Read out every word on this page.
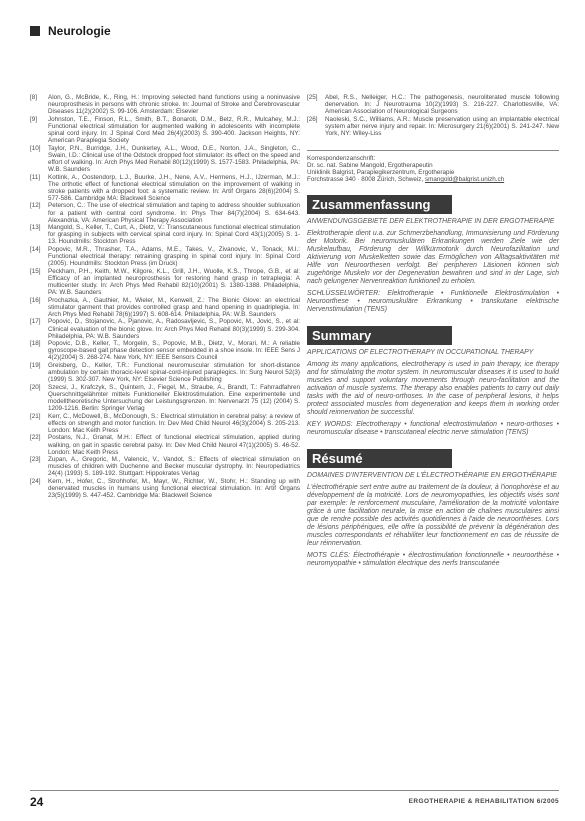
Neurologie
[8]	Alon, G., McBride, K., Ring, H.: Improving selected hand functions using a noninvasive neuroprosthesis in persons with chronic stroke. In: Journal of Stroke and Cerebrovascular Diseases 11(2)(2002) S. 99-106. Amsterdam: Elsevier
[9]	Johnston, T.E., Finson, R.L., Smith, B.T., Bonaroti, D.M., Betz, R.R., Mulcahey, M.J.: Functional electrical stimulation for augmented walking in adolescents with incomplete spinal cord injury. In: J Spinal Cord Med 26(4)(2003) S. 390-400. Jackson Heights, NY: American Paraplegia Society
[10]	Taylor, P.N., Burridge, J.H., Dunkerley, A.L., Wood, D.E., Norton, J.A., Singleton, C., Swain, I.D.: Clinical use of the Odstock dropped foot stimulator: its effect on the speed and effort of walking. In: Arch Phys Med Rehabil 80(12)(1999) S. 1577-1583. Philadelphia, PA: W.B. Saunders
[11]	Kottink, A., Oostendorp, L.J., Buurke, J.H., Nene, A.V., Hermens, H.J., IJzerman, M.J.: The orthotic effect of functional electrical stimulation on the improvement of walking in stroke patients with a dropped foot: a systematic review. In: Artif Organs 28(6)(2004) S. 577-586. Cambridge MA: Blackwell Science
[12]	Peterson, C.: The use of electrical stimulation and taping to address shoulder subluxation for a patient with central cord syndrome. In: Phys Ther 84(7)(2004) S. 634-643. Alexandria, VA: American Physical Therapy Association
[13]	Mangold, S., Keller, T., Curt, A., Dietz, V.: Transcutaneous functional electrical stimulation for grasping in subjects with cervical spinal cord injury. In: Spinal Cord 43(1)(2005) S. 1-13. Houndmills: Stockton Press
[14]	Popovic, M.R., Thrasher, T.A., Adams, M.E., Takes, V., Zivanovic, V., Tonack, M.I.: Functional electrical therapy: retraining grasping in spinal cord injury. In: Spinal Cord (2005). Houndmills: Stockton Press (im Druck)
[15]	Peckham, P.H., Keith, M.W., Kilgore, K.L., Grill, J.H., Wuolle, K.S., Thrope, G.B., et al: Efficacy of an implanted neuroprosthesis for restoring hand grasp in tetraplegia: A multicenter study. In: Arch Phys Med Rehabil 82(10)(2001) S. 1380-1388. Philadelphia, PA: W.B. Saunders
[16]	Prochazka, A., Gauthier, M., Wieler, M., Kenwell, Z.: The Bionic Glove: an electrical stimulator garment that provides controlled grasp and hand opening in quadriplegia. In: Arch Phys Med Rehabil 78(6)(1997) S. 608-614. Philadelphia, PA: W.B. Saunders
[17]	Popovic, D., Stojanovic, A., Pjanovic, A., Radosavljevic, S., Popovic, M., Jovic, S., et al: Clinical evaluation of the bionic glove. In: Arch Phys Med Rehabil 80(3)(1999) S. 299-304. Philadelphia, PA: W.B. Saunders
[18]	Popovic, D.B., Keller, T., Morgelin, S., Popovic, M.B., Dietz, V., Morari, M.: A reliable gyroscope-based gait phase detection sensor embedded in a shoe insole. In: IEEE Sens J 4(2)(2004) S. 268-274. New York, NY: IEEE Sensors Council
[19]	Greisberg, D., Keller, T.R.: Functional neuromuscular stimulation for short-distance ambulation by certain thoracic-level spinal-cord-injured paraplegics. In: Surg Neurol 52(3)(1999) S. 302-307. New York, NY: Elsevier Science Publishing
[20]	Szecsi, J., Krafczyk, S., Quintern, J., Fiegel, M., Straube, A., Brandt, T.: Fahrradfahren Querschnittgelähmter mittels Funktioneller Elektrostimulation. Eine experimentelle und modelltheoretische Untersuchung der Leistungsgrenzen. In: Nervenarzt 75 (12) (2004) S. 1209-1216. Berlin: Springer Verlag
[21]	Kerr, C., McDowell, B., McDonough, S.: Electrical stimulation in cerebral palsy: a review of effects on strength and motor function. In: Dev Med Child Neurol 46(3)(2004) S. 205-213. London: Mac Keith Press
[22]	Postans, N.J., Granat, M.H.: Effect of functional electrical stimulation, applied during walking, on gait in spastic cerebral palsy. In: Dev Med Child Neurol 47(1)(2005) S. 46-52. London: Mac Keith Press
[23]	Zupan, A., Gregoric, M., Valencic, V., Vandot, S.: Effects of electrical stimulation on muscles of children with Duchenne and Becker muscular dystrophy. In: Neuropediatrics 24(4) (1993) S. 189-192. Stuttgart: Hippokrates Verlag
[24]	Kern, H., Hofer, C., Strohhofer, M., Mayr, W., Richter, W., Stohr, H.: Standing up with denervated muscles in humans using functional electrical stimulation. In: Artif Organs 23(5)(1999) S. 447-452. Cambridge Ma: Blackwell Science
[25]	Abel, R.S., Nelleiger, H.C.: The pathogenesis, neuroliterated muscle following denervation. In: J Neurotrauma 10(2)(1993) S. 216-227. Charlottesville, VA: American Association of Neurological Surgeons
[26]	Naoleski, S.C., Williams, A.R.: Muscle preservation using an implantable electrical system after nerve injury and repair. In: Microsurgery 21(6)(2001) S. 241-247. New York, NY: Wiley-Liss
Korrespondenzanschrift:
Dr. sc. nat. Sabine Mangold, Ergotherapeutin
Uniklinik Balgrist, Paraplegikerzentrum, Ergotherapie
Forchstrasse 340 · 8008 Zürich, Schweiz, smangold@balgrist.unizh.ch
Zusammenfassung

ANWENDUNGSGEBIETE DER ELEKTROTHERAPIE IN DER ERGOTHERAPIE

Elektrotherapie dient u.a. zur Schmerzbehandlung, Immunisierung und Förderung der Motorik. Bei neuromuskulären Erkrankungen werden Ziele wie der Muskelaufbau, Förderung der Willkürmotorik durch Neurofazilitation und Aktivierung von Muskelketten sowie das Ermöglichen von Alltagsaktivitäten mit Hilfe von Neuroorthesen verfolgt. Bei peripheren Läsionen können sich zugehörige Muskeln vor der Degeneration bewahren und sind in der Lage, sich nach gelungener Nervenreaktion funktionell zu erholen.

SCHLÜSSELWÖRTER: Elektrotherapie • Funktionelle Elektrostimulation • Neuroorthese • neuromuskuläre Erkrankung • transkutane elektrische Nervenstimulation (TENS)

Summary

APPLICATIONS OF ELECTROTHERAPY IN OCCUPATIONAL THERAPY

Among its many applications, electrotherapy is used in pain therapy, ice therapy and for stimulating the motor system. In neuromuscular diseases it is used to build muscles and support voluntary movements through neuro-facilitation and the activation of muscle systems. The therapy also enables patients to carry out daily tasks with the aid of neuro-orthoses. In the case of peripheral lesions, it helps protect associated muscles from degeneration and keeps them in working order should reinnervation be successful.

KEY WORDS: Electrotherapy • functional electrostimulation • neuro-orthoses • neuromuscular disease • transcutaneal electric nerve stimulation (TENS)

Résumé

DOMAINES D'INTERVENTION DE L'ÉLECTROTHÉRAPIE EN ERGOTHÉRAPIE

L'électrothérapie sert entre autre au traitement de la douleur, à l'ionophorèse et au développement de la motricité. Lors de neuromyopathies, les objectifs visés sont par exemple: le renforcement musculaire, l'amélioration de la motricité volontaire grâce à une facilitation neurale, la mise en action de chaînes musculaires ainsi que de rendre possible des activités quotidiennes à l'aide de neuroorthèses. Lors de lésions périphériques, elle offre la possibilité de prévenir la dégénération des muscles correspondants et réhabiliter leur fonctionnement en cas de réussite de leur réinnervation.

MOTS CLÉS: Électrothérapie • électrostimulation fonctionnelle • neuroorthèse • neuromyopathie • stimulation électrique des nerfs transcutanée

24	ERGOTHERAPIE & REHABILITATION 6/2005
